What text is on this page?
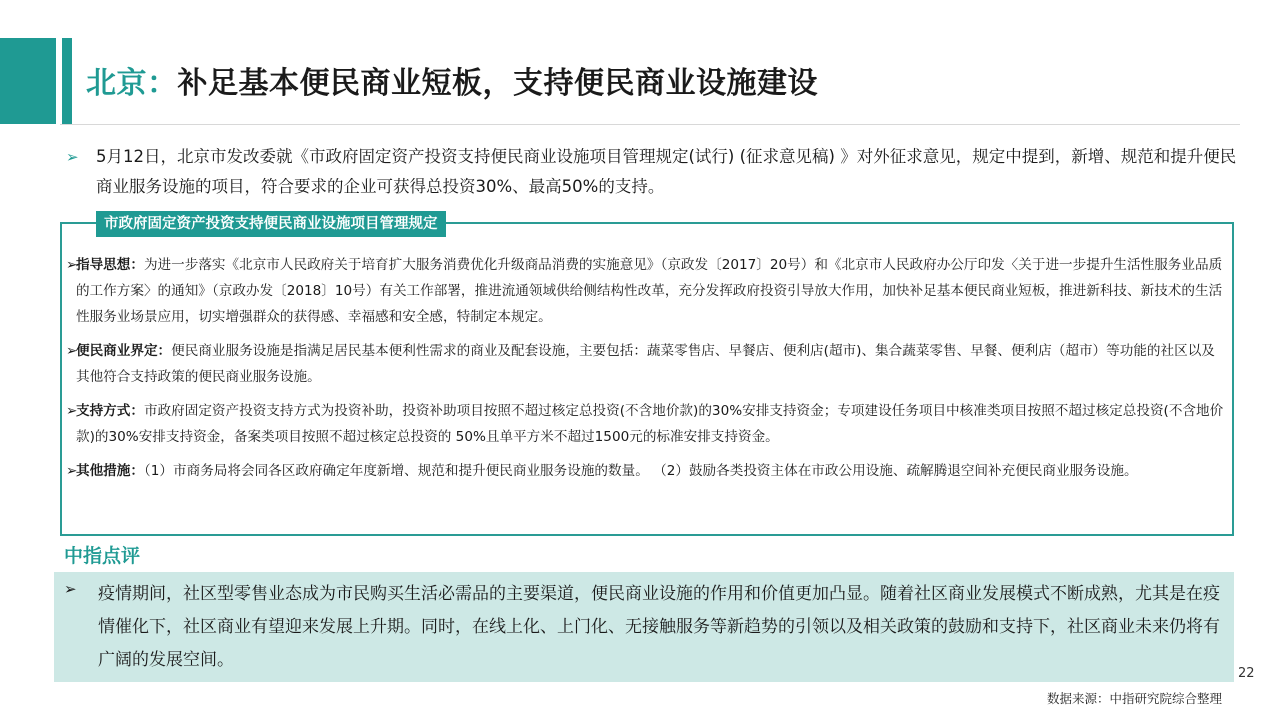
北京：补足基本便民商业短板，支持便民商业设施建设
➢ 5月12日，北京市发改委就《市政府固定资产投资支持便民商业设施项目管理规定(试行) (征求意见稿) 》对外征求意见，规定中提到，新增、规范和提升便民商业服务设施的项目，符合要求的企业可获得总投资30%、最高50%的支持。
市政府固定资产投资支持便民商业设施项目管理规定
➢
指导思想：为进一步落实《北京市人民政府关于培育扩大服务消费优化升级商品消费的实施意见》（京政发〔2017〕20号）和《北京市人民政府办公厅印发〈关于进一步提升生活性服务业品质的工作方案〉的通知》（京政办发〔2018〕10号）有关工作部署，推进流通领域供给侧结构性改革，充分发挥政府投资引导放大作用，加快补足基本便民商业短板，推进新科技、新技术的生活性服务业场景应用，切实增强群众的获得感、幸福感和安全感，特制定本规定。
➢
便民商业界定：便民商业服务设施是指满足居民基本便利性需求的商业及配套设施，主要包括：蔬菜零售店、早餐店、便利店(超市)、集合蔬菜零售、早餐、便利店（超市）等功能的社区以及其他符合支持政策的便民商业服务设施。
➢
支持方式：市政府固定资产投资支持方式为投资补助，投资补助项目按照不超过核定总投资(不含地价款)的30%安排支持资金；专项建设任务项目中核准类项目按照不超过核定总投资(不含地价款)的30%安排支持资金，备案类项目按照不超过核定总投资的 50%且单平方米不超过1500元的标准安排支持资金。
➢
其他措施：（1）市商务局将会同各区政府确定年度新增、规范和提升便民商业服务设施的数量。 （2）鼓励各类投资主体在市政公用设施、疏解腾退空间补充便民商业服务设施。
中指点评
➢ 疫情期间，社区型零售业态成为市民购买生活必需品的主要渠道，便民商业设施的作用和价值更加凸显。随着社区商业发展模式不断成熟，尤其是在疫情催化下，社区商业有望迎来发展上升期。同时，在线上化、上门化、无接触服务等新趋势的引领以及相关政策的鼓励和支持下，社区商业未来仍将有广阔的发展空间。
22
数据来源：中指研究院综合整理
